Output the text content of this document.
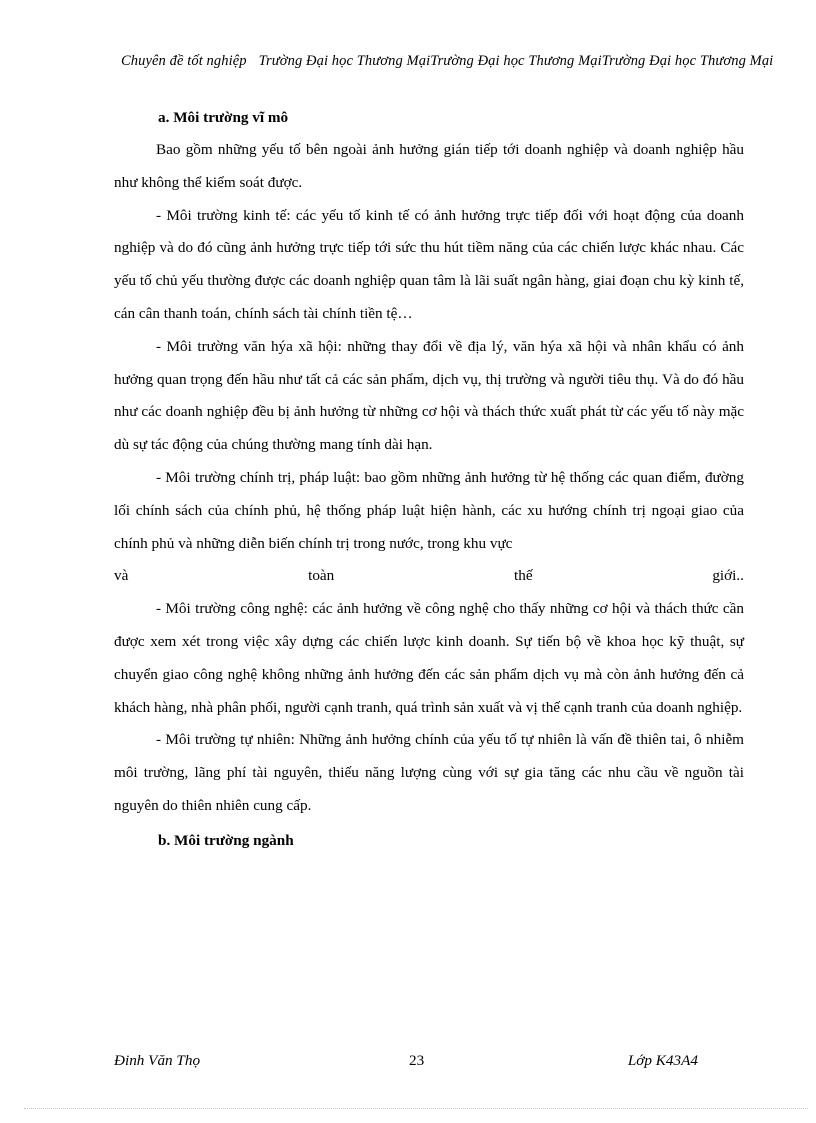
Chuyên đề tốt nghiệp Trường Đại học Thương MạiTrường Đại học Thương MạiTrường Đại học Thương Mại
a. Môi trường vĩ mô

Bao gồm những yếu tố bên ngoài ảnh hưởng gián tiếp tới doanh nghiệp và doanh nghiệp hầu như không thể kiểm soát được.

- Môi trường kinh tế: các yếu tố kinh tế có ảnh hưởng trực tiếp đối với hoạt động của doanh nghiệp và do đó cũng ảnh hưởng trực tiếp tới sức thu hút tiềm năng của các chiến lược khác nhau. Các yếu tố chủ yếu thường được các doanh nghiệp quan tâm là lãi suất ngân hàng, giai đoạn chu kỳ kinh tế, cán cân thanh toán, chính sách tài chính tiền tệ…

- Môi trường văn hýa xã hội: những thay đổi về địa lý, văn hýa xã hội và nhân khẩu có ảnh hưởng quan trọng đến hầu như tất cả các sản phẩm, dịch vụ, thị trường và người tiêu thụ. Và do đó hầu như các doanh nghiệp đều bị ảnh hưởng từ những cơ hội và thách thức xuất phát từ các yếu tố này mặc dù sự tác động của chúng thường mang tính dài hạn.

- Môi trường chính trị, pháp luật: bao gồm những ảnh hưởng từ hệ thống các quan điểm, đường lối chính sách của chính phủ, hệ thống pháp luật hiện hành, các xu hướng chính trị ngoại giao của chính phủ và những diễn biến chính trị trong nước, trong khu vực

và	toàn	thế	giới..

- Môi trường công nghệ: các ảnh hưởng về công nghệ cho thấy những cơ hội và thách thức cần được xem xét trong việc xây dựng các chiến lược kinh doanh. Sự tiến bộ về khoa học kỹ thuật, sự chuyển giao công nghệ không những ảnh hưởng đến các sản phẩm dịch vụ mà còn ảnh hưởng đến cả khách hàng, nhà phân phối, người cạnh tranh, quá trình sản xuất và vị thế cạnh tranh của doanh nghiệp.

- Môi trường tự nhiên: Những ảnh hưởng chính của yếu tố tự nhiên là vấn đề thiên tai, ô nhiễm môi trường, lãng phí tài nguyên, thiếu năng lượng cùng với sự gia tăng các nhu cầu về nguồn tài nguyên do thiên nhiên cung cấp.

b. Môi trường ngành
Đinh Văn Thọ	23	Lớp K43A4
